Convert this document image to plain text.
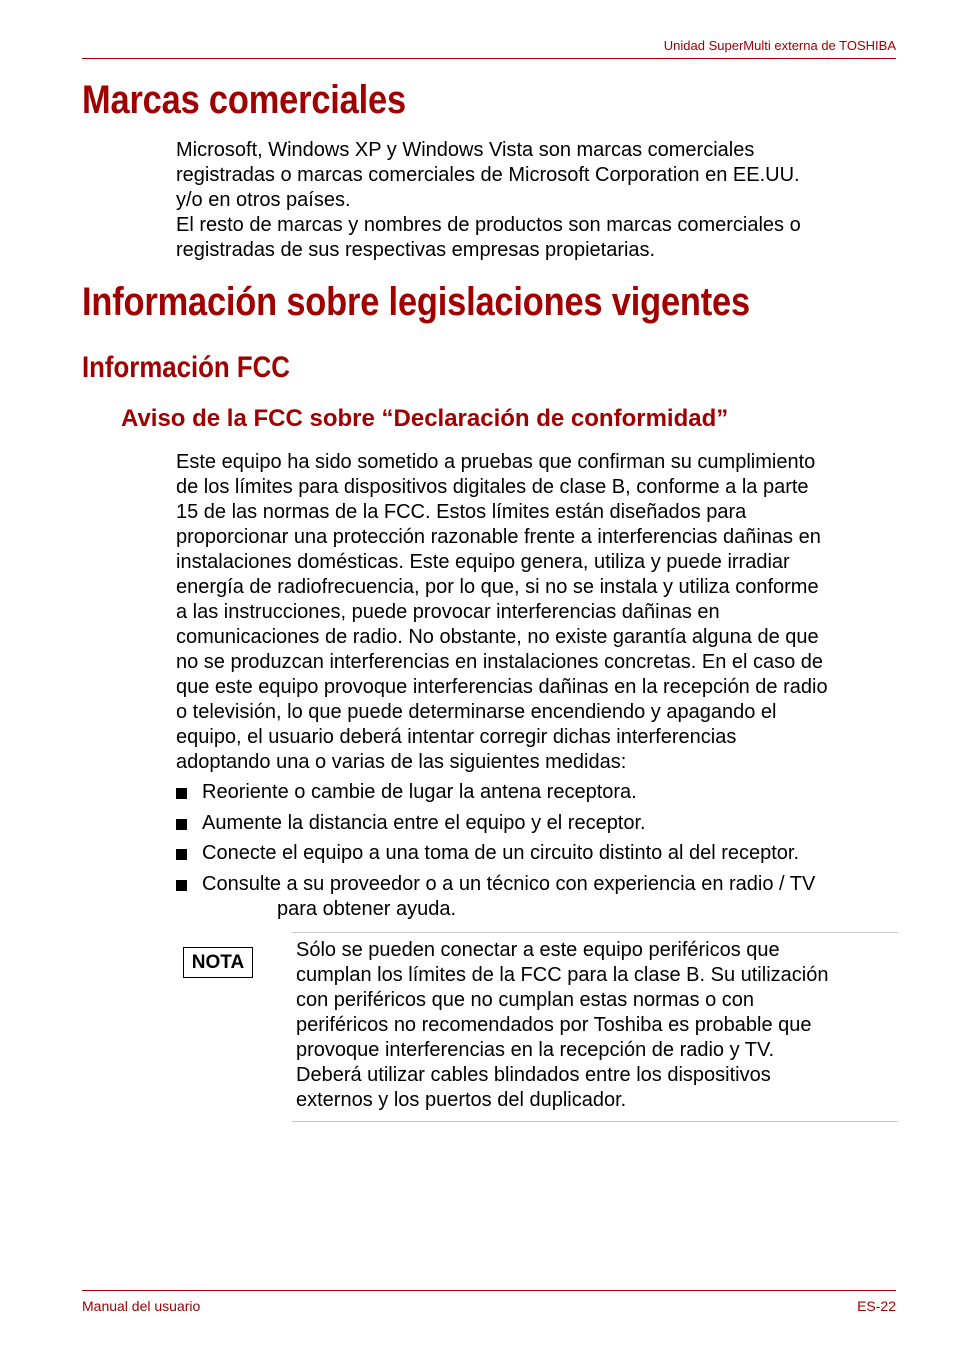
Unidad SuperMulti externa de TOSHIBA
Marcas comerciales
Microsoft, Windows XP y Windows Vista son marcas comerciales
registradas o marcas comerciales de Microsoft Corporation en EE.UU.
y/o en otros países.
El resto de marcas y nombres de productos son marcas comerciales o
registradas de sus respectivas empresas propietarias.
Información sobre legislaciones vigentes
Información FCC
Aviso de la FCC sobre “Declaración de conformidad”
Este equipo ha sido sometido a pruebas que confirman su cumplimiento
de los límites para dispositivos digitales de clase B, conforme a la parte
15 de las normas de la FCC. Estos límites están diseñados para
proporcionar una protección razonable frente a interferencias dañinas en
instalaciones domésticas. Este equipo genera, utiliza y puede irradiar
energía de radiofrecuencia, por lo que, si no se instala y utiliza conforme
a las instrucciones, puede provocar interferencias dañinas en
comunicaciones de radio. No obstante, no existe garantía alguna de que
no se produzcan interferencias en instalaciones concretas. En el caso de
que este equipo provoque interferencias dañinas en la recepción de radio
o televisión, lo que puede determinarse encendiendo y apagando el
equipo, el usuario deberá intentar corregir dichas interferencias
adoptando una o varias de las siguientes medidas:
Reoriente o cambie de lugar la antena receptora.
Aumente la distancia entre el equipo y el receptor.
Conecte el equipo a una toma de un circuito distinto al del receptor.
Consulte a su proveedor o a un técnico con experiencia en radio / TV
para obtener ayuda.
NOTA
Sólo se pueden conectar a este equipo periféricos que
cumplan los límites de la FCC para la clase B. Su utilización
con periféricos que no cumplan estas normas o con
periféricos no recomendados por Toshiba es probable que
provoque interferencias en la recepción de radio y TV.
Deberá utilizar cables blindados entre los dispositivos
externos y los puertos del duplicador.
Manual del usuario	ES-22
